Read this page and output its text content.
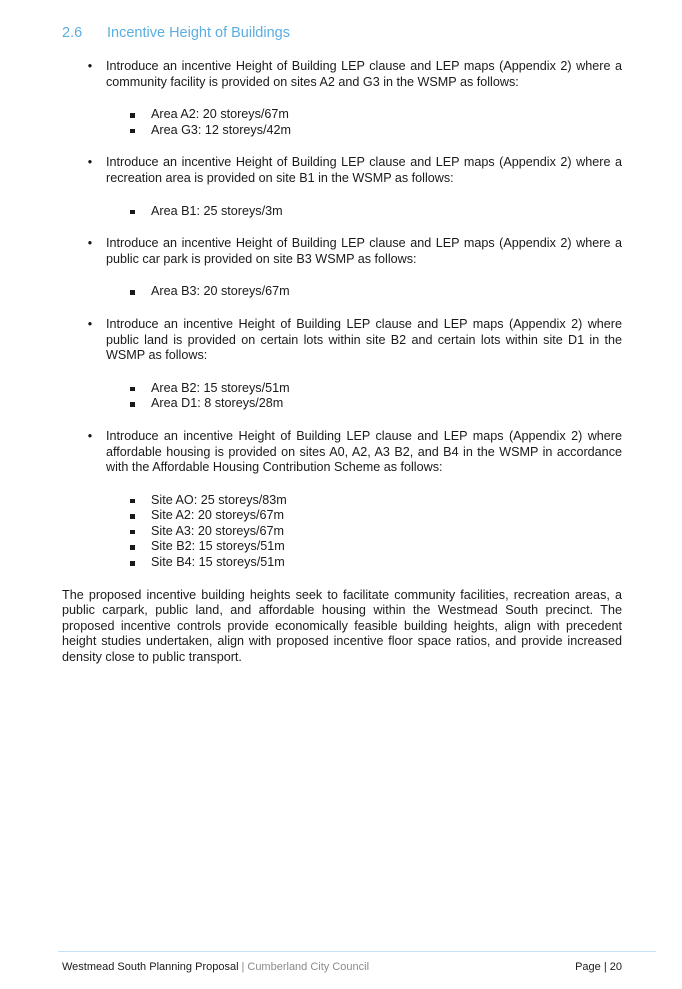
2.6 Incentive Height of Buildings
• Introduce an incentive Height of Building LEP clause and LEP maps (Appendix 2) where a community facility is provided on sites A2 and G3 in the WSMP as follows:
Area A2: 20 storeys/67m
Area G3: 12 storeys/42m
• Introduce an incentive Height of Building LEP clause and LEP maps (Appendix 2) where a recreation area is provided on site B1 in the WSMP as follows:
Area B1: 25 storeys/3m
• Introduce an incentive Height of Building LEP clause and LEP maps (Appendix 2) where a public car park is provided on site B3 WSMP as follows:
Area B3: 20 storeys/67m
• Introduce an incentive Height of Building LEP clause and LEP maps (Appendix 2) where public land is provided on certain lots within site B2 and certain lots within site D1 in the WSMP as follows:
Area B2: 15 storeys/51m
Area D1: 8 storeys/28m
• Introduce an incentive Height of Building LEP clause and LEP maps (Appendix 2) where affordable housing is provided on sites A0, A2, A3 B2, and B4 in the WSMP in accordance with the Affordable Housing Contribution Scheme as follows:
Site AO: 25 storeys/83m
Site A2: 20 storeys/67m
Site A3: 20 storeys/67m
Site B2: 15 storeys/51m
Site B4: 15 storeys/51m
The proposed incentive building heights seek to facilitate community facilities, recreation areas, a public carpark, public land, and affordable housing within the Westmead South precinct. The proposed incentive controls provide economically feasible building heights, align with precedent height studies undertaken, align with proposed incentive floor space ratios, and provide increased density close to public transport.
Westmead South Planning Proposal | Cumberland City Council	Page | 20
